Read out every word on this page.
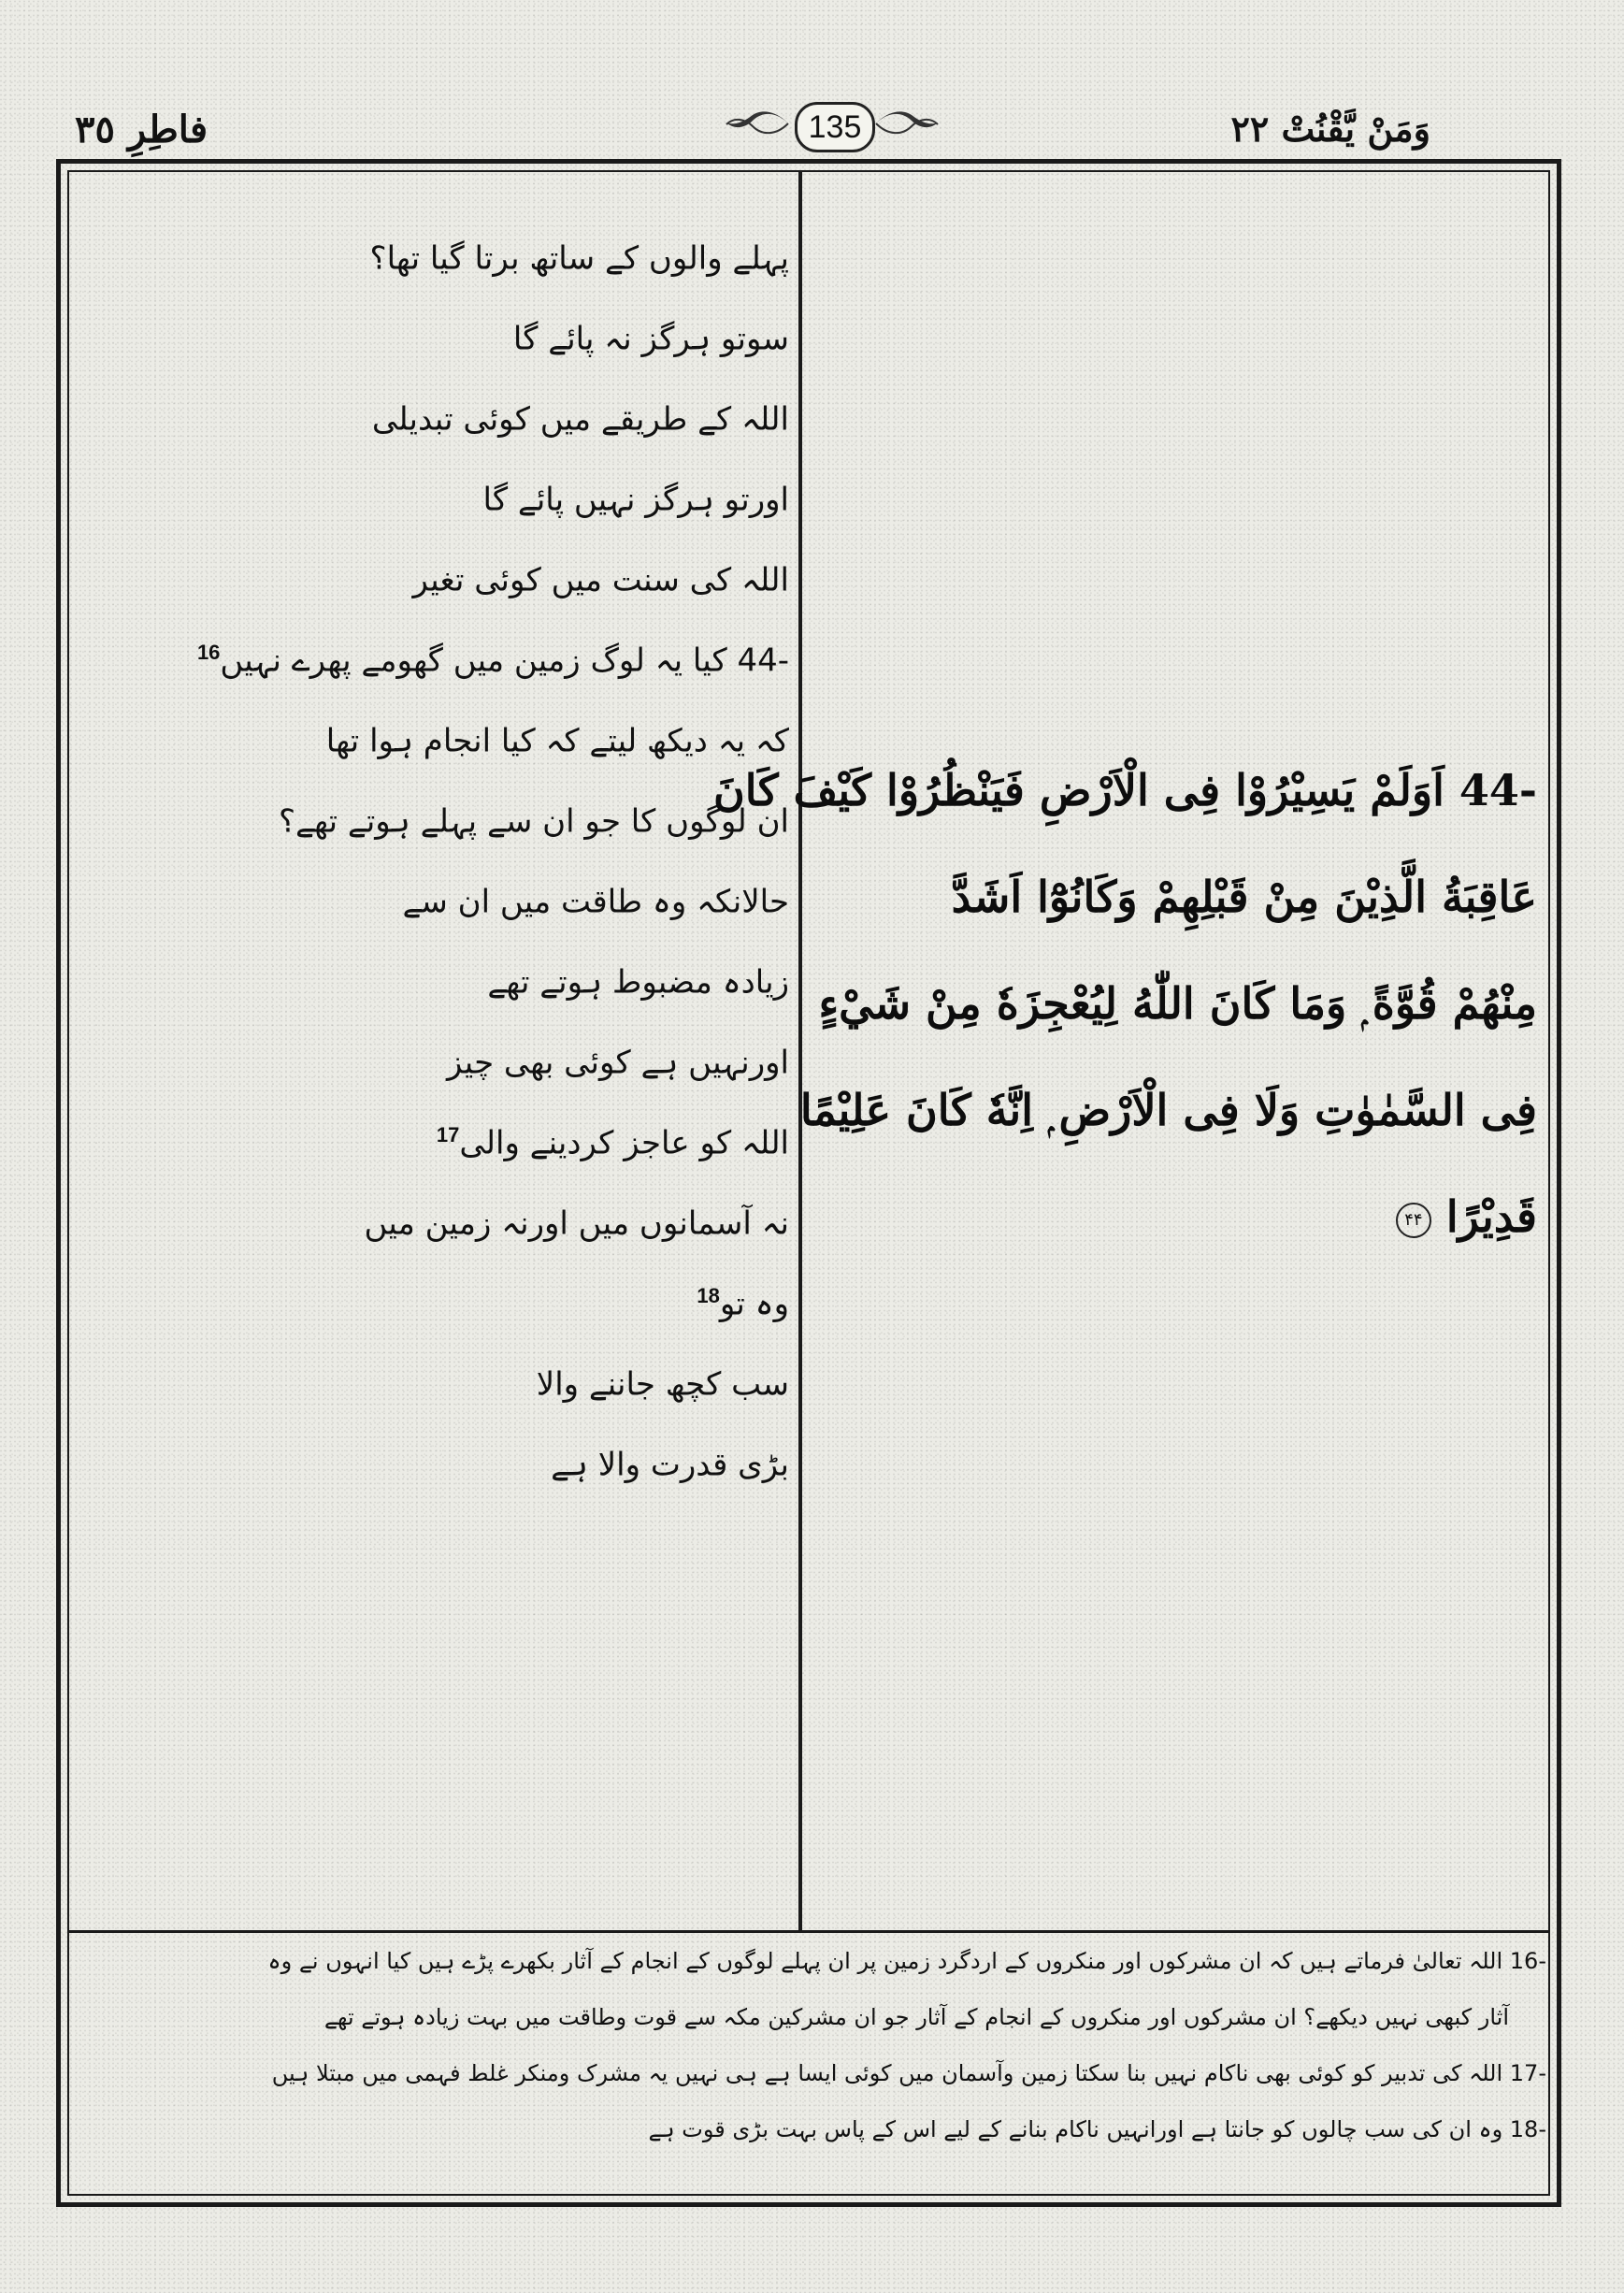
فاطِرِ ٣٥	135	وَمَنْ يَّقْنُتْ ٢٢
پہلے والوں کے ساتھ برتا گیا تھا؟
سوتو ہرگز نہ پائے گا
اللہ کے طریقے میں کوئی تبدیلی
اورتو ہرگز نہیں پائے گا
اللہ کی سنت میں کوئی تغیر
-44 کیا یہ لوگ زمین میں گھومے پھرے نہیں$^{16}$
کہ یہ دیکھ لیتے کہ کیا انجام ہوا تھا
ان لوگوں کا جو ان سے پہلے ہوتے تھے؟
حالانکہ وہ طاقت میں ان سے
زیادہ مضبوط ہوتے تھے
اورنہیں ہے کوئی بھی چیز
اللہ کو عاجز کردینے والی$^{17}$
نہ آسمانوں میں اورنہ زمین میں
وہ تو$^{18}$
سب کچھ جاننے والا
بڑی قدرت والا ہے
-44 اَوَلَمْ يَسِيْرُوْا فِى الْاَرْضِ فَيَنْظُرُوْا كَيْفَ كَانَ
عَاقِبَةُ الَّذِيْنَ مِنْ قَبْلِهِمْ وَكَانُوْٓا اَشَدَّ
مِنْهُمْ قُوَّةً ۭ وَمَا كَانَ اللّٰهُ لِيُعْجِزَهٗ مِنْ شَيْءٍ
فِى السَّمٰوٰتِ وَلَا فِى الْاَرْضِ ۭ اِنَّهٗ كَانَ عَلِيْمًا
قَدِيْرًا ۴۴
-16 اللہ تعالیٰ فرماتے ہیں کہ ان مشرکوں اور منکروں کے اردگرد زمین پر ان پہلے لوگوں کے انجام کے آثار بکھرے پڑے ہیں کیا انہوں نے وہ
آثار کبھی نہیں دیکھے؟ ان مشرکوں اور منکروں کے انجام کے آثار جو ان مشرکین مکہ سے قوت وطاقت میں بہت زیادہ ہوتے تھے
-17 اللہ کی تدبیر کو کوئی بھی ناکام نہیں بنا سکتا زمین وآسمان میں کوئی ایسا ہے ہی نہیں یہ مشرک ومنکر غلط فہمی میں مبتلا ہیں
-18 وہ ان کی سب چالوں کو جانتا ہے اورانہیں ناکام بنانے کے لیے اس کے پاس بہت بڑی قوت ہے
